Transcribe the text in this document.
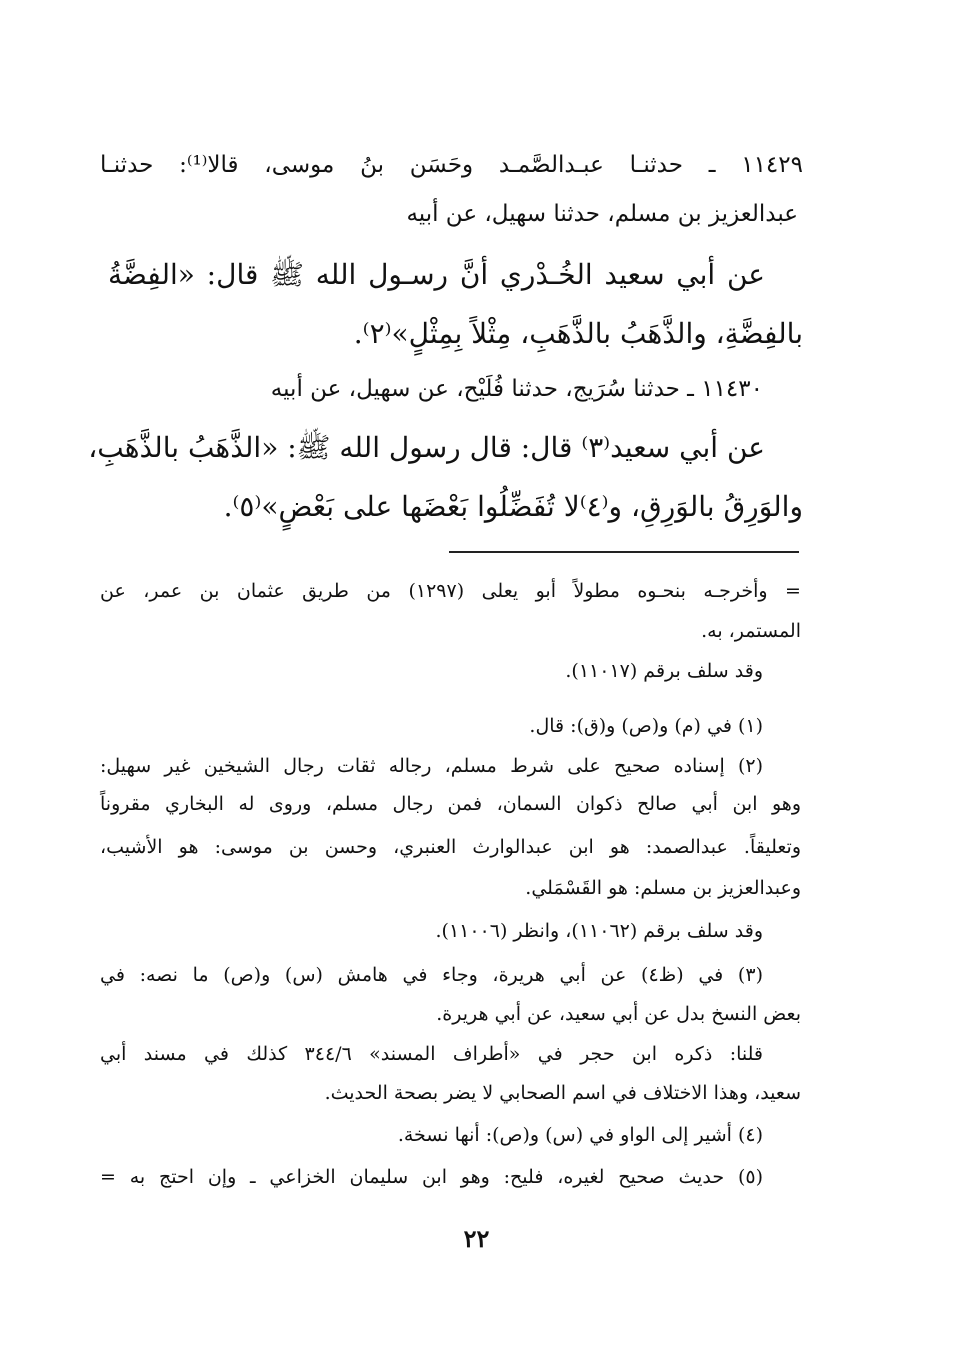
١١٤٢٩ ـ حدثنـا عبـدالصَّمـد وحَسَن بنُ موسى، قالا⁽¹⁾: حدثنـا
عبدالعزيز بن مسلم، حدثنا سهيل، عن أبيه
عن أبي سعيد الخُـدْري أنَّ رسـول الله ﷺ قال: «الفِضَّةُ
بالفِضَّةِ، والذَّهَبُ بالذَّهَبِ، مِثْلاً بِمِثْلٍ»⁽٢⁾.
١١٤٣٠ ـ حدثنا سُرَيج، حدثنا فُلَيْح، عن سهيل، عن أبيه
عن أبي سعيد⁽٣⁾ قال: قال رسول الله ﷺ: «الذَّهَبُ بالذَّهَبِ،
والوَرِقُ بالوَرِقِ، و⁽٤⁾لا تُفَضِّلُوا بَعْضَها على بَعْضٍ»⁽٥⁾.
= وأخرجـه بنحـوه مطولاً أبو يعلى (١٢٩٧) من طريق عثمان بن عمر، عن
المستمر، به.
وقد سلف برقم (١١٠١٧).
(١) في (م) و(ص) و(ق): قال.
(٢) إسناده صحيح على شرط مسلم، رجاله ثقات رجال الشيخين غير سهيل:
وهو ابن أبي صالح ذكوان السمان، فمن رجال مسلم، وروى له البخاري مقروناً
وتعليقاً. عبدالصمد: هو ابن عبدالوارث العنبري، وحسن بن موسى: هو الأشيب،
وعبدالعزيز بن مسلم: هو القَسْمَلي.
وقد سلف برقم (١١٠٦٢)، وانظر (١١٠٠٦).
(٣) في (ظ٤) عن أبي هريرة، وجاء في هامش (س) و(ص) ما نصه: في
بعض النسخ بدل عن أبي سعيد، عن أبي هريرة.
قلنا: ذكره ابن حجر في «أطراف المسند» ٣٤٤/٦ كذلك في مسند أبي
سعيد، وهذا الاختلاف في اسم الصحابي لا يضر بصحة الحديث.
(٤) أشير إلى الواو في (س) و(ص): أنها نسخة.
(٥) حديث صحيح لغيره، فليح: وهو ابن سليمان الخزاعي ـ وإن احتج به =
٢٢
